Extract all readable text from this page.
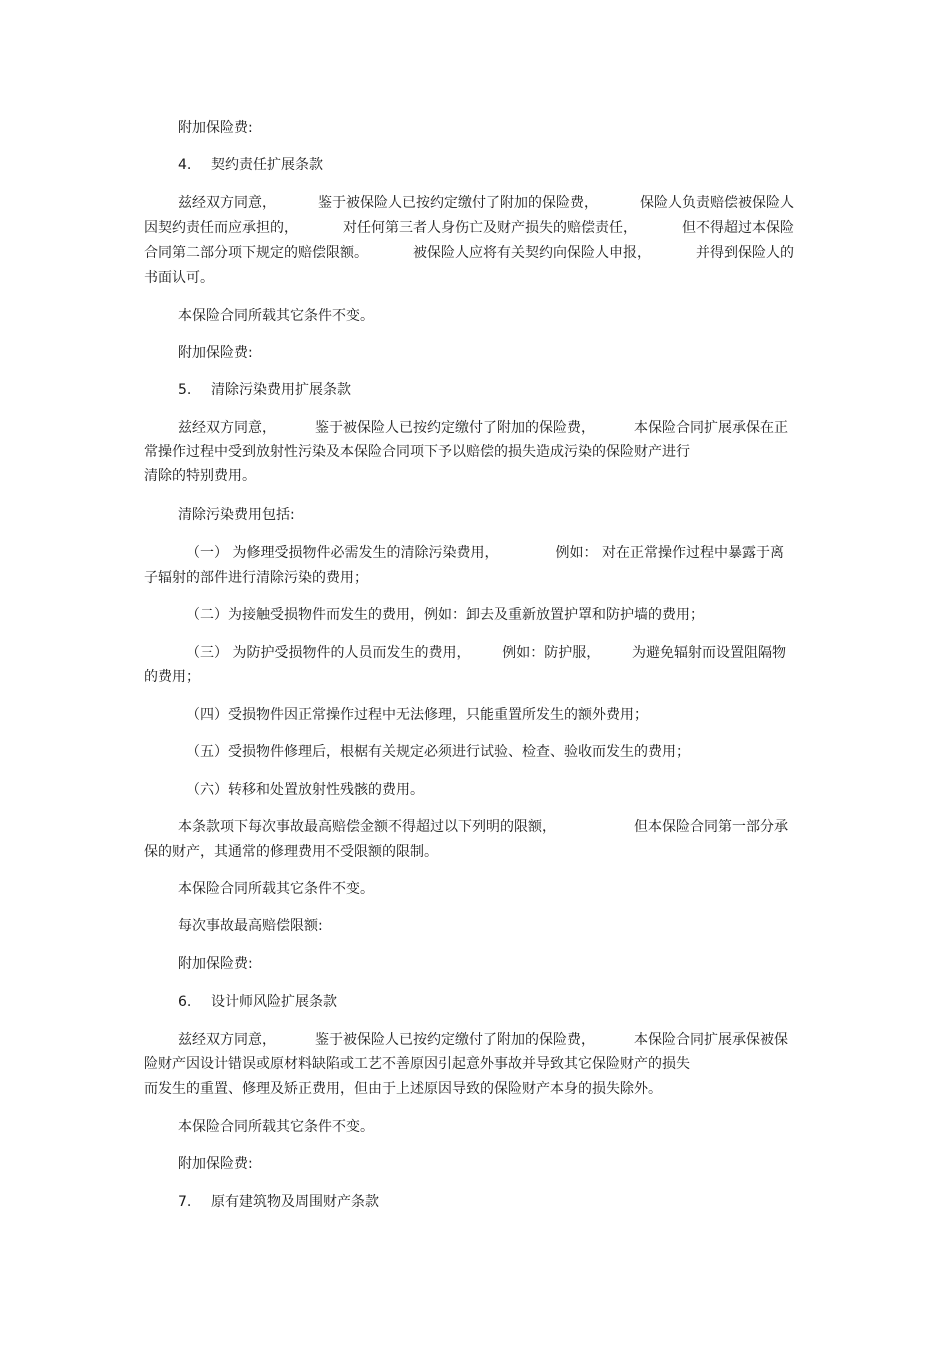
附加保险费:

4. 契约责任扩展条款

兹经双方同意，	鉴于被保险人已按约定缴付了附加的保险费，	保险人负责赔偿被保险人

因契约责任而应承担的，	对任何第三者人身伤亡及财产损失的赔偿责任，	但不得超过本保险

合同第二部分项下规定的赔偿限额。	被保险人应将有关契约向保险人申报，	并得到保险人的

书面认可。

本保险合同所载其它条件不变。

附加保险费:

5. 清除污染费用扩展条款

兹经双方同意，	鉴于被保险人已按约定缴付了附加的保险费，	本保险合同扩展承保在正

常操作过程中受到放射性污染及本保险合同项下予以赔偿的损失造成污染的保险财产进行

清除的特别费用。

清除污染费用包括:

（一） 为修理受损物件必需发生的清除污染费用，	例如： 对在正常操作过程中暴露于离

子辐射的部件进行清除污染的费用；

（二）为接触受损物件而发生的费用，例如：卸去及重新放置护罩和防护墙的费用；

（三） 为防护受损物件的人员而发生的费用， 例如：防护服， 为避免辐射而设置阻隔物

的费用；

（四）受损物件因正常操作过程中无法修理，只能重置所发生的额外费用；

（五）受损物件修理后，根椐有关规定必须进行试验、检查、验收而发生的费用；

（六）转移和处置放射性残骸的费用。

本条款项下每次事故最高赔偿金额不得超过以下列明的限额，	但本保险合同第一部分承

保的财产，其通常的修理费用不受限额的限制。

本保险合同所载其它条件不变。

每次事故最高赔偿限额:

附加保险费:

6. 设计师风险扩展条款

兹经双方同意，	鉴于被保险人已按约定缴付了附加的保险费，	本保险合同扩展承保被保

险财产因设计错误或原材料缺陷或工艺不善原因引起意外事故并导致其它保险财产的损失

而发生的重置、修理及矫正费用，但由于上述原因导致的保险财产本身的损失除外。

本保险合同所载其它条件不变。

附加保险费:

7. 原有建筑物及周围财产条款
